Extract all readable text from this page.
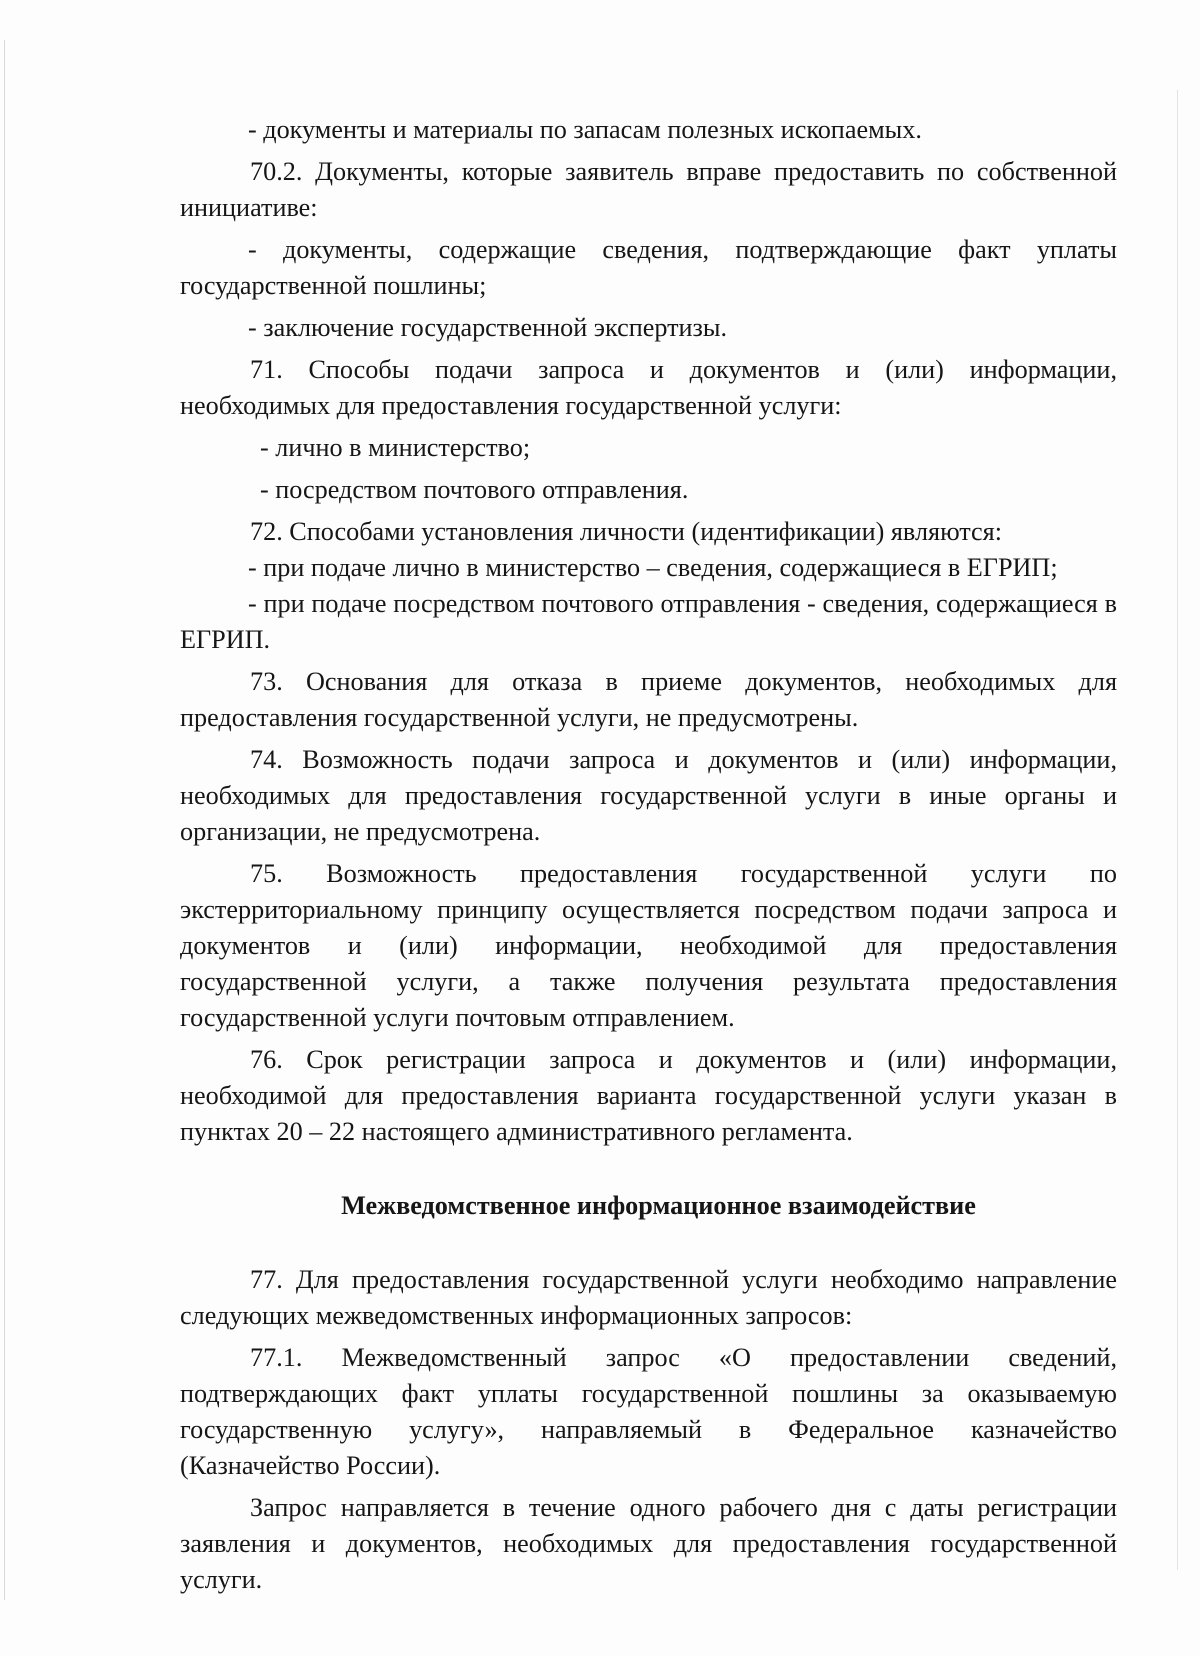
- документы и материалы по запасам полезных ископаемых.

70.2. Документы, которые заявитель вправе предоставить по собственной инициативе:

- документы, содержащие сведения, подтверждающие факт уплаты государственной пошлины;

- заключение государственной экспертизы.

71. Способы подачи запроса и документов и (или) информации, необходимых для предоставления государственной услуги:

- лично в министерство;

- посредством почтового отправления.

72. Способами установления личности (идентификации) являются:

- при подаче лично в министерство – сведения, содержащиеся в ЕГРИП;

- при подаче посредством почтового отправления - сведения, содержащиеся в ЕГРИП.

73. Основания для отказа в приеме документов, необходимых для предоставления государственной услуги, не предусмотрены.

74. Возможность подачи запроса и документов и (или) информации, необходимых для предоставления государственной услуги в иные органы и организации, не предусмотрена.

75. Возможность предоставления государственной услуги по экстерриториальному принципу осуществляется посредством подачи запроса и документов и (или) информации, необходимой для предоставления государственной услуги, а также получения результата предоставления государственной услуги почтовым отправлением.

76. Срок регистрации запроса и документов и (или) информации, необходимой для предоставления варианта государственной услуги указан в пунктах 20 – 22 настоящего административного регламента.

Межведомственное информационное взаимодействие

77. Для предоставления государственной услуги необходимо направление следующих межведомственных информационных запросов:

77.1. Межведомственный запрос «О предоставлении сведений, подтверждающих факт уплаты государственной пошлины за оказываемую государственную услугу», направляемый в Федеральное казначейство (Казначейство России).

Запрос направляется в течение одного рабочего дня с даты регистрации заявления и документов, необходимых для предоставления государственной услуги.
